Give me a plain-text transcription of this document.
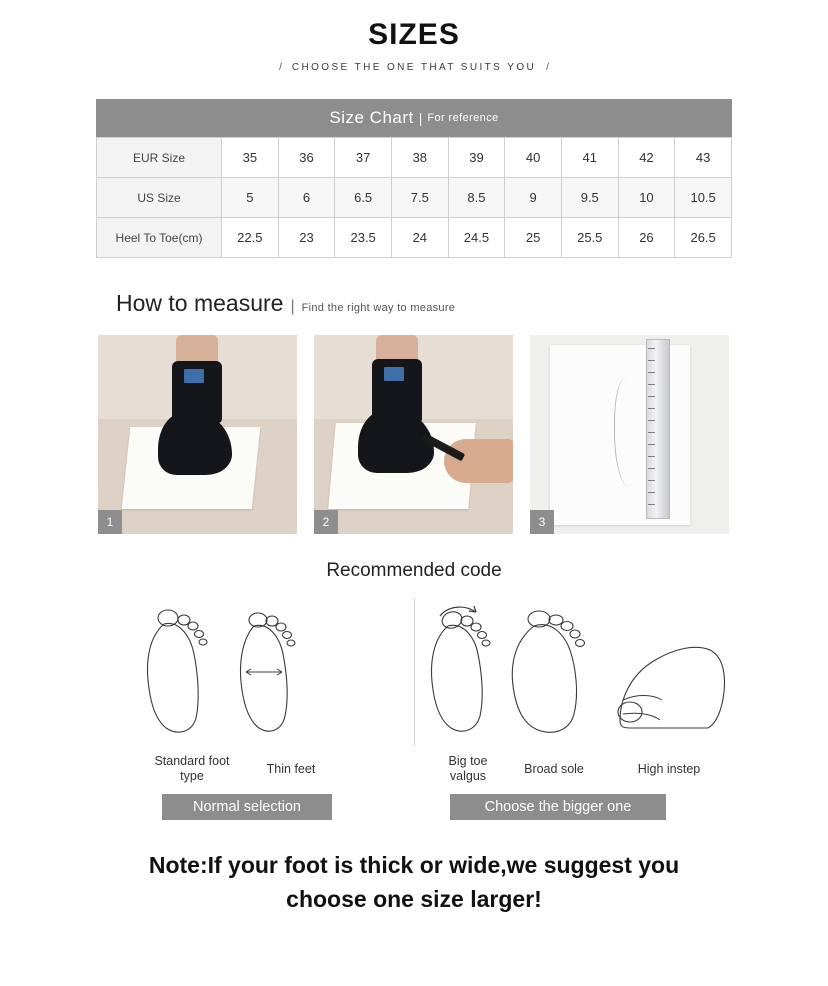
SIZES
/ CHOOSE THE ONE THAT SUITS YOU /
Size Chart | For reference
EUR Size	35	36	37	38	39	40	41	42	43
US Size	5	6	6.5	7.5	8.5	9	9.5	10	10.5
Heel To Toe(cm)	22.5	23	23.5	24	24.5	25	25.5	26	26.5
How to measure | Find the right way to measure
1	2	3
Recommended code
Standard foot
type	Thin feet
Big toe
valgus	Broad sole	High instep
Normal selection	Choose the bigger one
Note:If your foot is thick or wide,we suggest you
choose one size larger!
